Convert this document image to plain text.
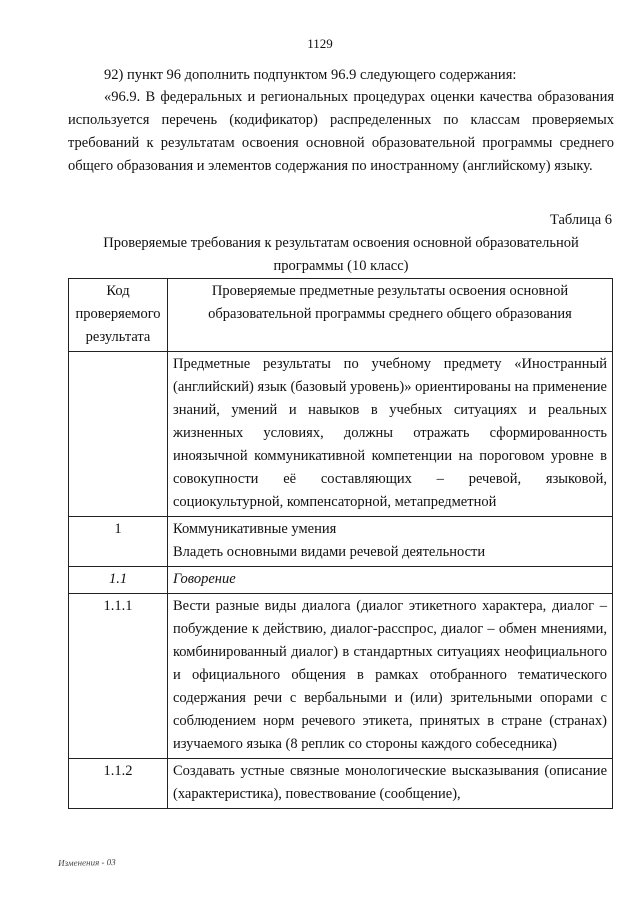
1129

92) пункт 96 дополнить подпунктом 96.9 следующего содержания:

«96.9. В федеральных и региональных процедурах оценки качества образования используется перечень (кодификатор) распределенных по классам проверяемых требований к результатам освоения основной образовательной программы среднего общего образования и элементов содержания по иностранному (английскому) языку.

Таблица 6
Проверяемые требования к результатам освоения основной образовательной программы (10 класс)
Код проверяемого результата	Проверяемые предметные результаты освоения основной образовательной программы среднего общего образования

	Предметные результаты по учебному предмету «Иностранный (английский) язык (базовый уровень)» ориентированы на применение знаний, умений и навыков в учебных ситуациях и реальных жизненных условиях, должны отражать сформированность иноязычной коммуникативной компетенции на пороговом уровне в совокупности её составляющих – речевой, языковой, социокультурной, компенсаторной, метапредметной

1	Коммуникативные умения
Владеть основными видами речевой деятельности

1.1	Говорение

1.1.1	Вести разные виды диалога (диалог этикетного характера, диалог – побуждение к действию, диалог-расспрос, диалог – обмен мнениями, комбинированный диалог) в стандартных ситуациях неофициального и официального общения в рамках отобранного тематического содержания речи с вербальными и (или) зрительными опорами с соблюдением норм речевого этикета, принятых в стране (странах) изучаемого языка (8 реплик со стороны каждого собеседника)

1.1.2	Создавать устные связные монологические высказывания (описание (характеристика), повествование (сообщение),
Изменения - 03
